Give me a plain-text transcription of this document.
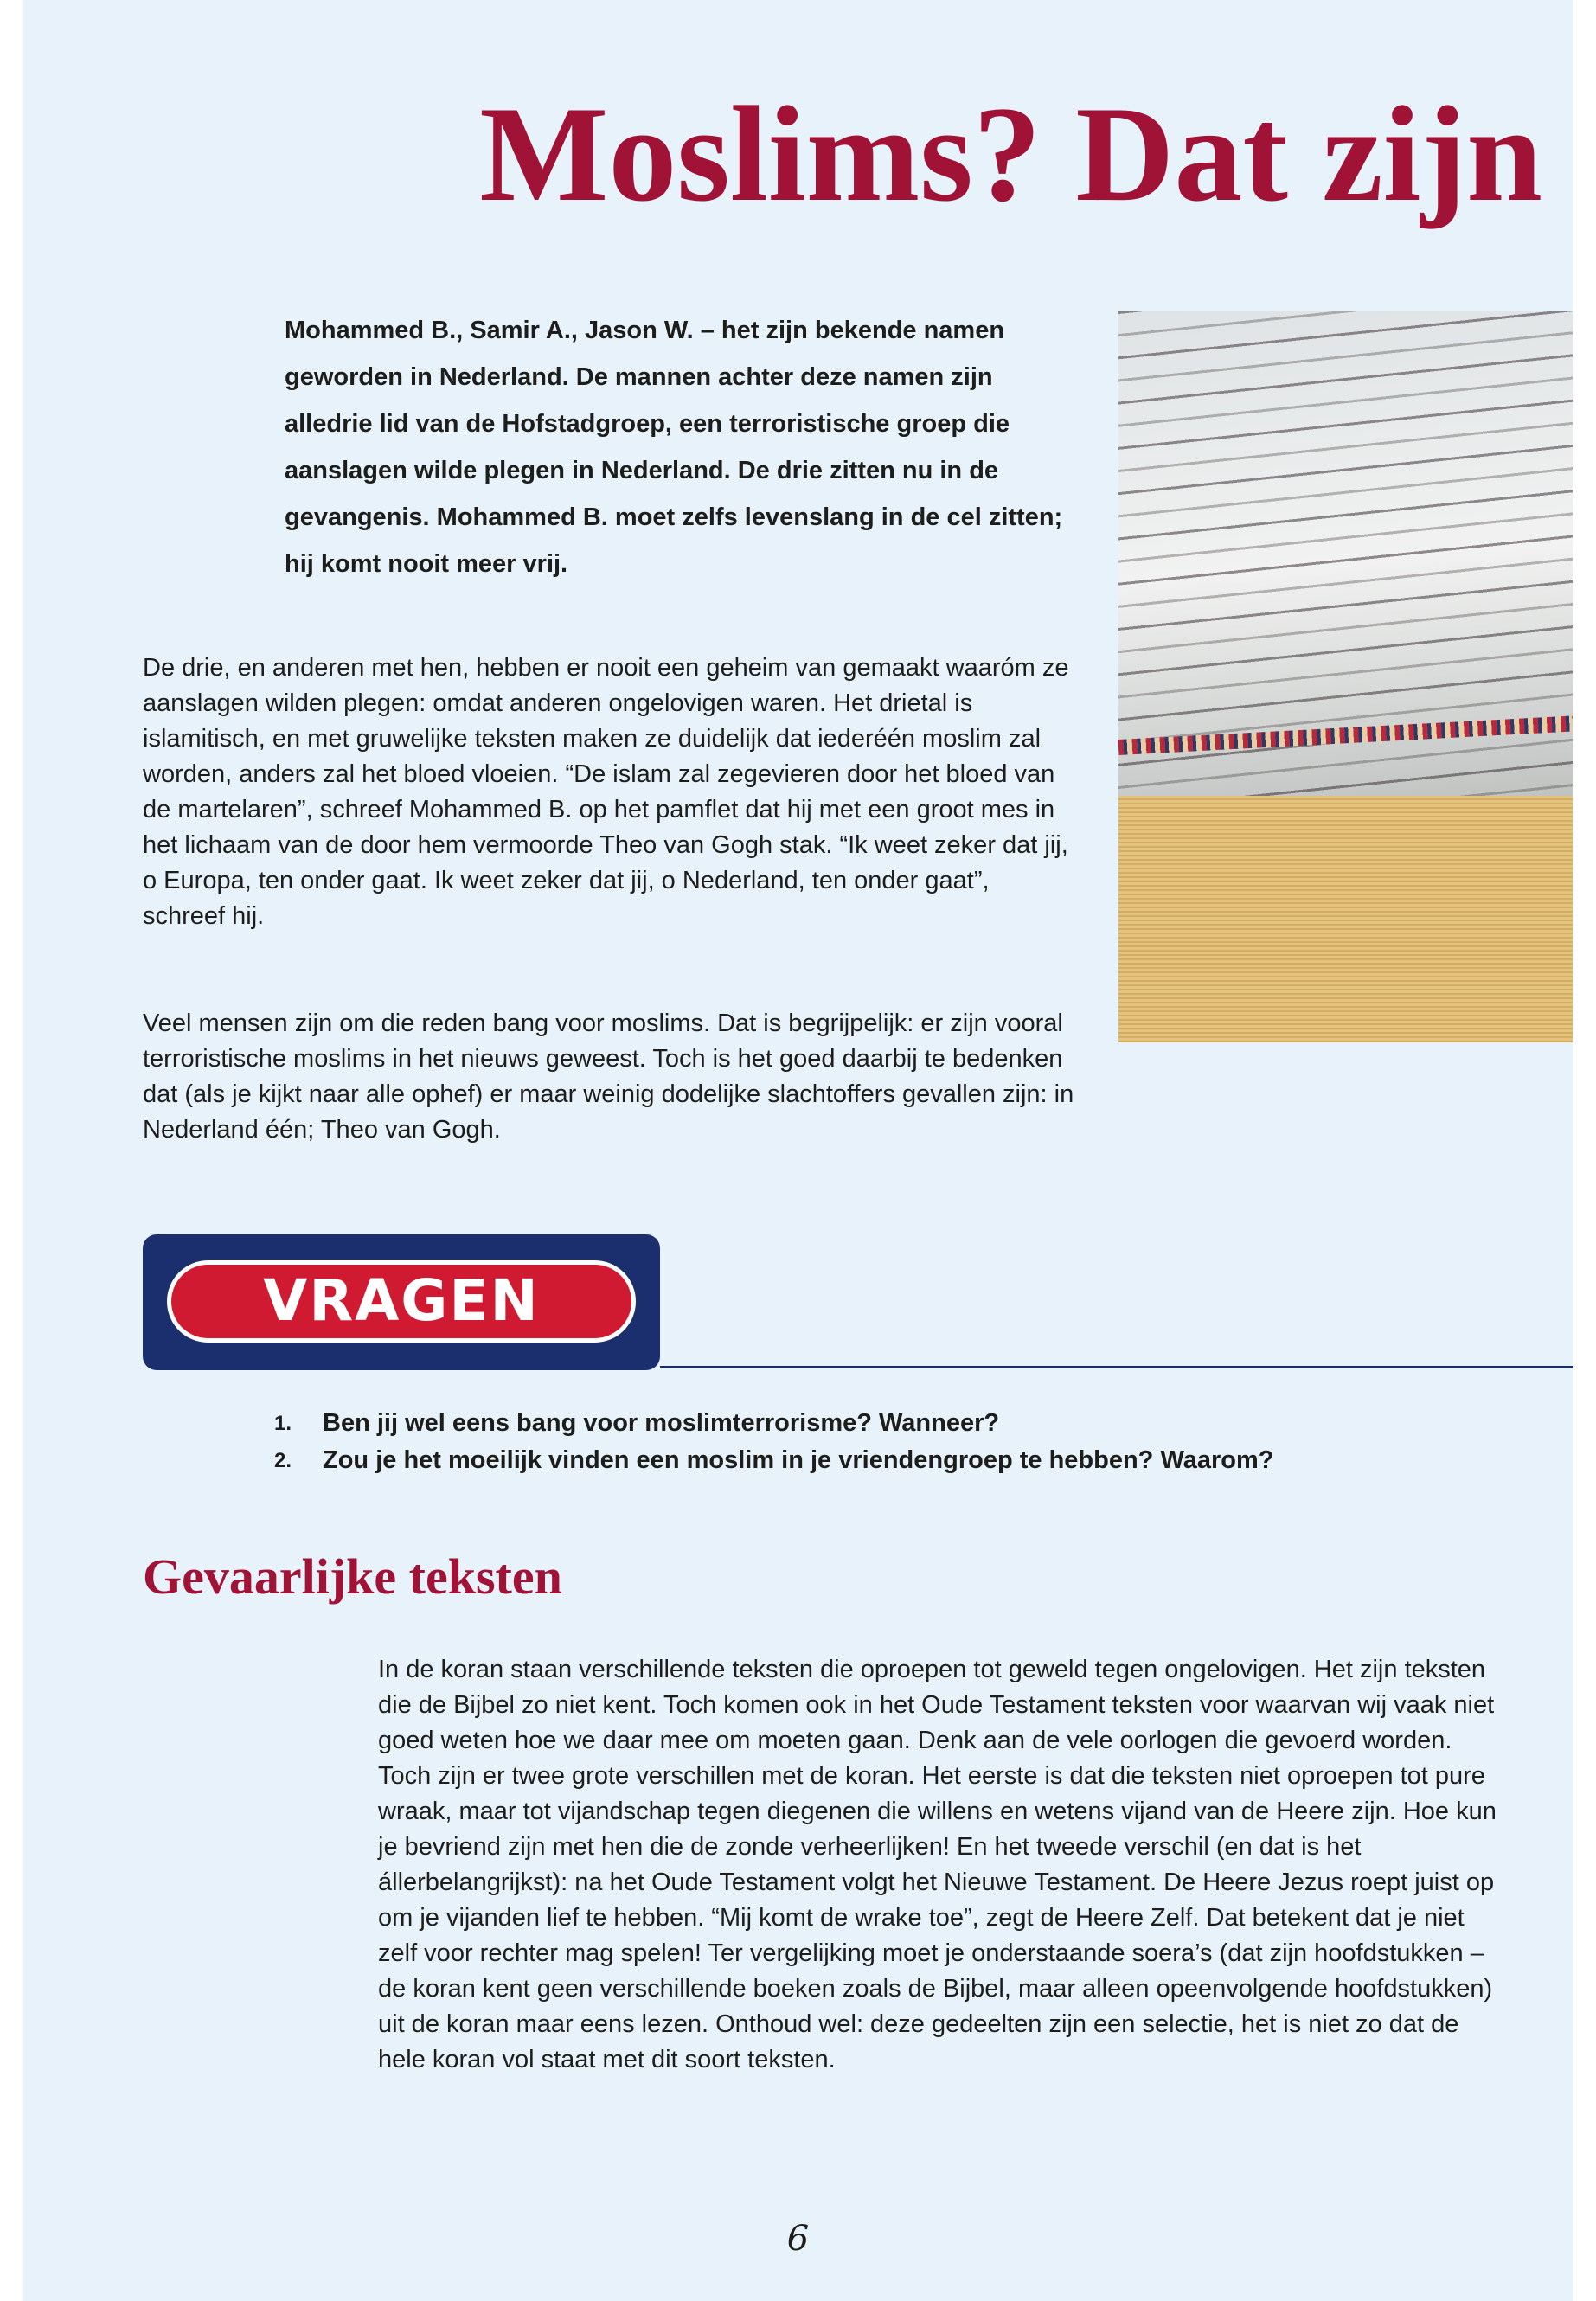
Moslims? Dat zijn

Mohammed B., Samir A., Jason W. – het zijn bekende namen geworden in Nederland. De mannen achter deze namen zijn alledrie lid van de Hofstadgroep, een terroristische groep die aanslagen wilde plegen in Nederland. De drie zitten nu in de gevangenis. Mohammed B. moet zelfs levenslang in de cel zitten; hij komt nooit meer vrij.

De drie, en anderen met hen, hebben er nooit een geheim van gemaakt waaróm ze aanslagen wilden plegen: omdat anderen ongelovigen waren. Het drietal is islamitisch, en met gruwelijke teksten maken ze duidelijk dat iederéén moslim zal worden, anders zal het bloed vloeien. “De islam zal zegevieren door het bloed van de martelaren”, schreef Mohammed B. op het pamflet dat hij met een groot mes in het lichaam van de door hem vermoorde Theo van Gogh stak. “Ik weet zeker dat jij, o Europa, ten onder gaat. Ik weet zeker dat jij, o Nederland, ten onder gaat”, schreef hij.

Veel mensen zijn om die reden bang voor moslims. Dat is begrijpelijk: er zijn vooral terroristische moslims in het nieuws geweest. Toch is het goed daarbij te bedenken dat (als je kijkt naar alle ophef) er maar weinig dodelijke slachtoffers gevallen zijn: in Nederland één; Theo van Gogh.

VRAGEN
1.	Ben jij wel eens bang voor moslimterrorisme? Wanneer?
2.	Zou je het moeilijk vinden een moslim in je vriendengroep te hebben? Waarom?
Gevaarlijke teksten

In de koran staan verschillende teksten die oproepen tot geweld tegen ongelovigen. Het zijn teksten die de Bijbel zo niet kent. Toch komen ook in het Oude Testament teksten voor waarvan wij vaak niet goed weten hoe we daar mee om moeten gaan. Denk aan de vele oorlogen die gevoerd worden. Toch zijn er twee grote verschillen met de koran. Het eerste is dat die teksten niet oproepen tot pure wraak, maar tot vijandschap tegen diegenen die willens en wetens vijand van de Heere zijn. Hoe kun je bevriend zijn met hen die de zonde verheerlijken! En het tweede verschil (en dat is het állerbelangrijkst): na het Oude Testament volgt het Nieuwe Testament. De Heere Jezus roept juist op om je vijanden lief te hebben. “Mij komt de wrake toe”, zegt de Heere Zelf. Dat betekent dat je niet zelf voor rechter mag spelen! Ter vergelijking moet je onderstaande soera’s (dat zijn hoofdstukken – de koran kent geen verschillende boeken zoals de Bijbel, maar alleen opeenvolgende hoofdstukken) uit de koran maar eens lezen. Onthoud wel: deze gedeelten zijn een selectie, het is niet zo dat de hele koran vol staat met dit soort teksten.

6
